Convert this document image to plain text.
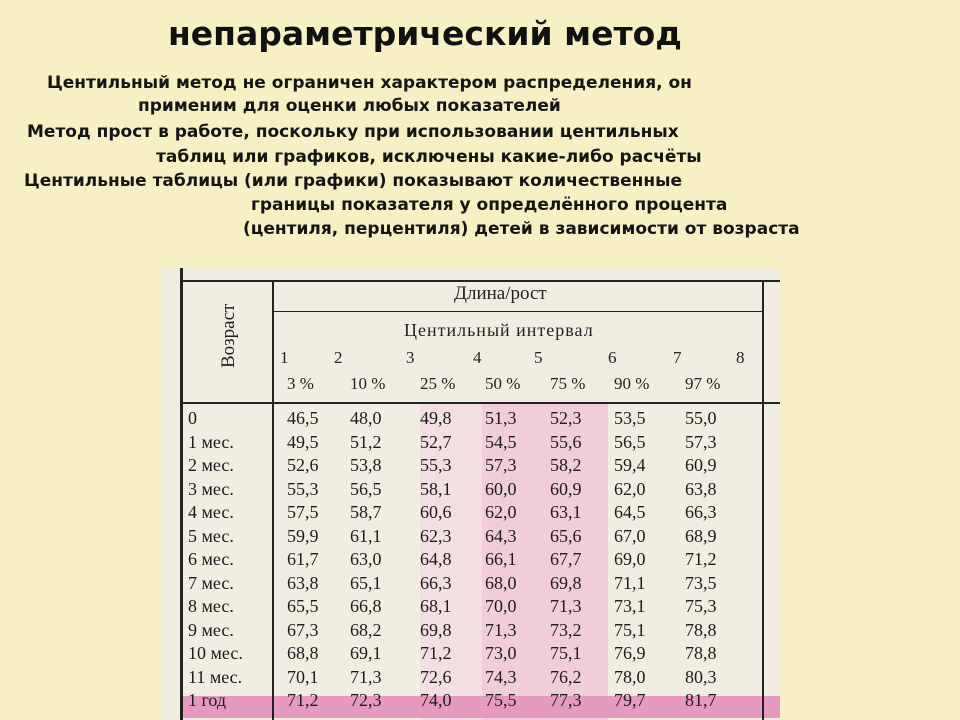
непараметрический метод
Центильный метод не ограничен характером распределения, он
применим для оценки любых показателей
Метод прост в работе, поскольку при использовании центильных
таблиц или графиков, исключены какие-либо расчёты
Центильные таблицы (или графики) показывают количественные
границы показателя у определённого процента
(центиля, перцентиля) детей в зависимости от возраста
Возраст
Длина/рост
Центильный интервал
1	2	3	4	5	6	7	8
3 % 10 % 25 % 50 % 75 % 90 % 97 %
0	46,5 48,0 49,8 51,3 52,3 53,5 55,0
1 мес.	49,5 51,2 52,7 54,5 55,6 56,5 57,3
2 мес.	52,6 53,8 55,3 57,3 58,2 59,4 60,9
3 мес.	55,3 56,5 58,1 60,0 60,9 62,0 63,8
4 мес.	57,5 58,7 60,6 62,0 63,1 64,5 66,3
5 мес.	59,9 61,1 62,3 64,3 65,6 67,0 68,9
6 мес.	61,7 63,0 64,8 66,1 67,7 69,0 71,2
7 мес.	63,8 65,1 66,3 68,0 69,8 71,1 73,5
8 мес.	65,5 66,8 68,1 70,0 71,3 73,1 75,3
9 мес.	67,3 68,2 69,8 71,3 73,2 75,1 78,8
10 мес. 68,8 69,1 71,2 73,0 75,1 76,9 78,8
11 мес. 70,1 71,3 72,6 74,3 76,2 78,0 80,3
1 год	71,2 72,3 74,0 75,5 77,3 79,7 81,7
